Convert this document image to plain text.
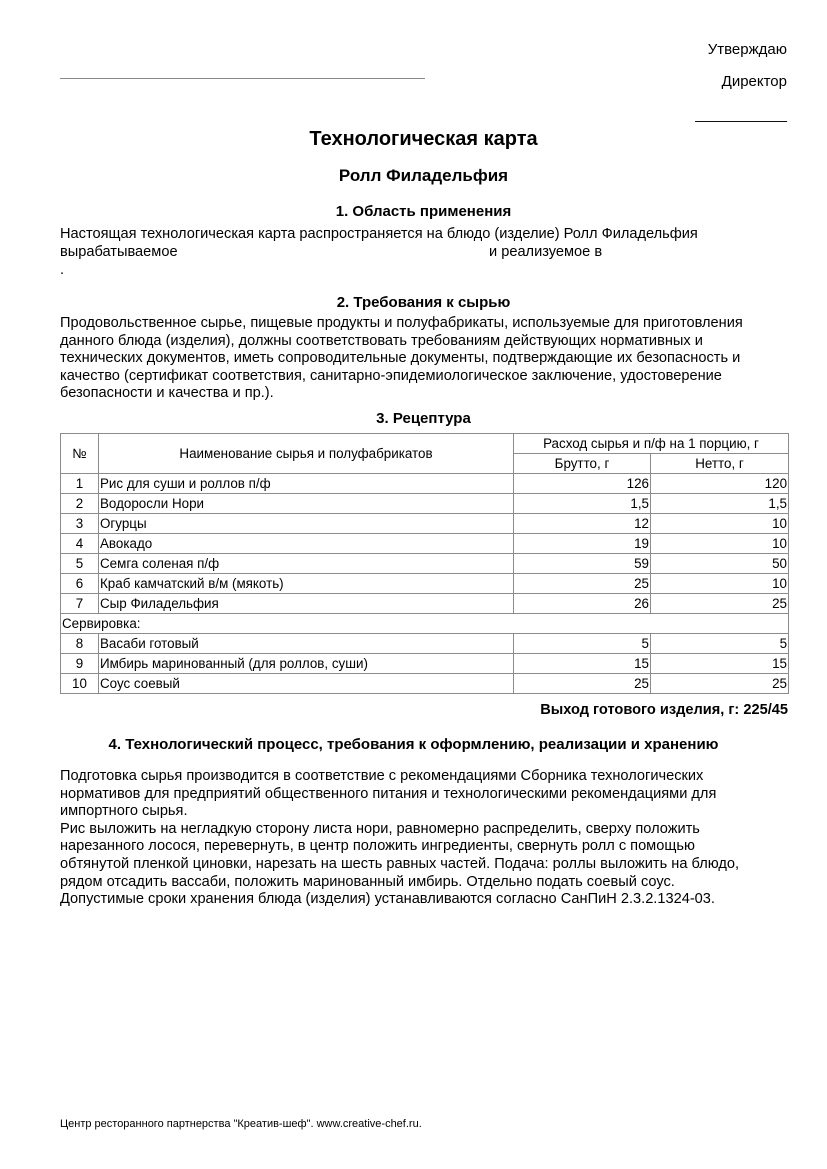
Утверждаю
Директор
___________
Технологическая карта
Ролл Филадельфия
1. Область применения
Настоящая технологическая карта распространяется на блюдо (изделие) Ролл Филадельфия
вырабатываемое	и реализуемое в
.
2. Требования к сырью
Продовольственное сырье, пищевые продукты и полуфабрикаты, используемые для приготовления данного блюда (изделия), должны соответствовать требованиям действующих нормативных и технических документов, иметь сопроводительные документы, подтверждающие их безопасность и качество (сертификат соответствия, санитарно-эпидемиологическое заключение, удостоверение безопасности и качества и пр.).
3. Рецептура
№	Наименование сырья и полуфабрикатов	Расход сырья и п/ф на 1 порцию, г	
		Брутто, г	Нетто, г
1	Рис для суши и роллов п/ф	126	120
2	Водоросли Нори	1,5	1,5
3	Огурцы	12	10
4	Авокадо	19	10
5	Семга соленая п/ф	59	50
6	Краб камчатский в/м (мякоть)	25	10
7	Сыр Филадельфия	26	25
Сервировка:			
8	Васаби готовый	5	5
9	Имбирь маринованный (для роллов, суши)	15	15
10	Соус соевый	25	25
Выход готового изделия, г: 225/45
4. Технологический процесс, требования к оформлению, реализации и хранению
Подготовка сырья производится в соответствие с рекомендациями Сборника технологических нормативов для предприятий общественного питания и технологическими рекомендациями для импортного сырья.
Рис выложить на негладкую сторону листа нори, равномерно распределить, сверху положить нарезанного лосося, перевернуть, в центр положить ингредиенты, свернуть ролл с помощью обтянутой пленкой циновки, нарезать на шесть равных частей. Подача: роллы выложить на блюдо, рядом отсадить вассаби, положить маринованный имбирь. Отдельно подать соевый соус.
Допустимые сроки хранения блюда (изделия) устанавливаются согласно СанПиН 2.3.2.1324-03.
Центр ресторанного партнерства "Креатив-шеф". www.creative-chef.ru.
